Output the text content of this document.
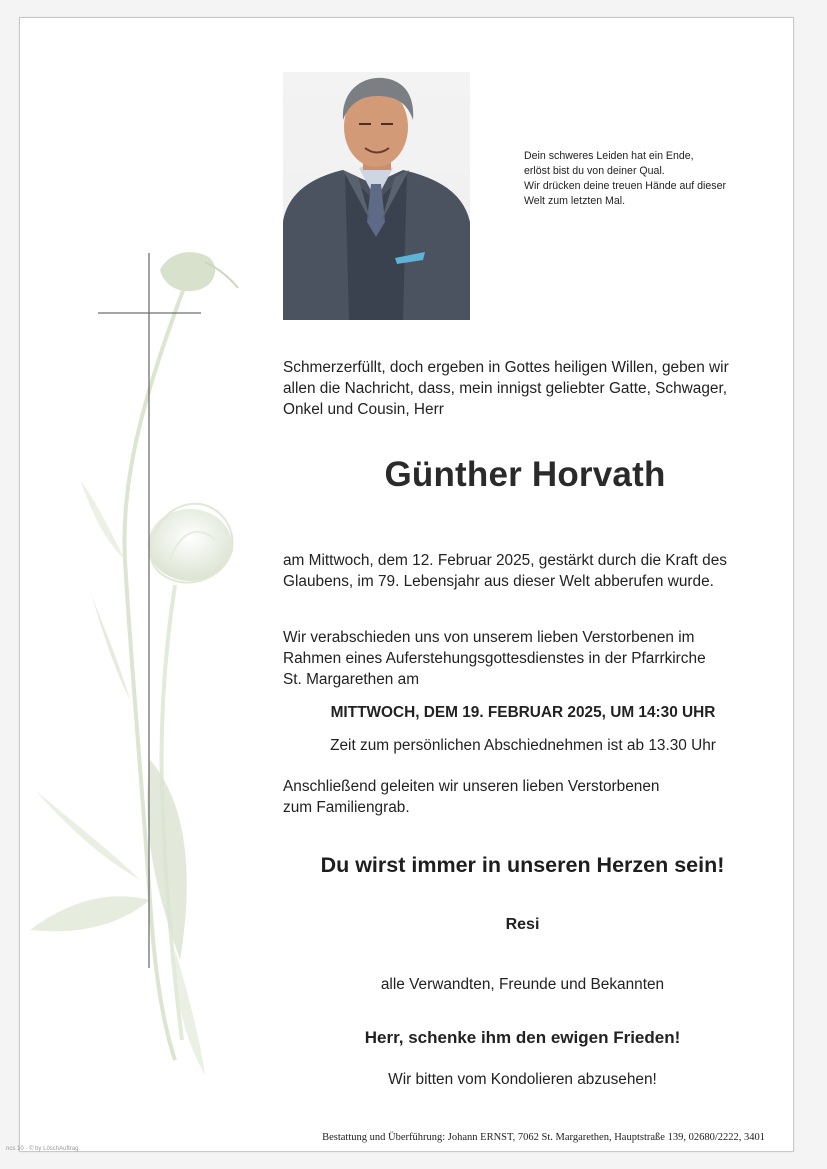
Dein schweres Leiden hat ein Ende,
erlöst bist du von deiner Qual.
Wir drücken deine treuen Hände auf dieser
Welt zum letzten Mal.
Schmerzerfüllt, doch ergeben in Gottes heiligen Willen, geben wir
allen die Nachricht, dass, mein innigst geliebter Gatte, Schwager,
Onkel und Cousin, Herr
Günther Horvath
am Mittwoch, dem 12. Februar 2025, gestärkt durch die Kraft des
Glaubens, im 79. Lebensjahr aus dieser Welt abberufen wurde.
Wir verabschieden uns von unserem lieben Verstorbenen im
Rahmen eines Auferstehungsgottesdienstes in der Pfarrkirche
St. Margarethen am
MITTWOCH, DEM 19. FEBRUAR 2025, UM 14:30 UHR
Zeit zum persönlichen Abschiednehmen ist ab 13.30 Uhr
Anschließend geleiten wir unseren lieben Verstorbenen
zum Familiengrab.
Du wirst immer in unseren Herzen sein!
Resi
alle Verwandten, Freunde und Bekannten
Herr, schenke ihm den ewigen Frieden!
Wir bitten vom Kondolieren abzusehen!
Bestattung und Überführung: Johann ERNST, 7062 St. Margarethen, Hauptstraße 139, 02680/2222, 3401
ncs 10 · © by LöschAuftrag
